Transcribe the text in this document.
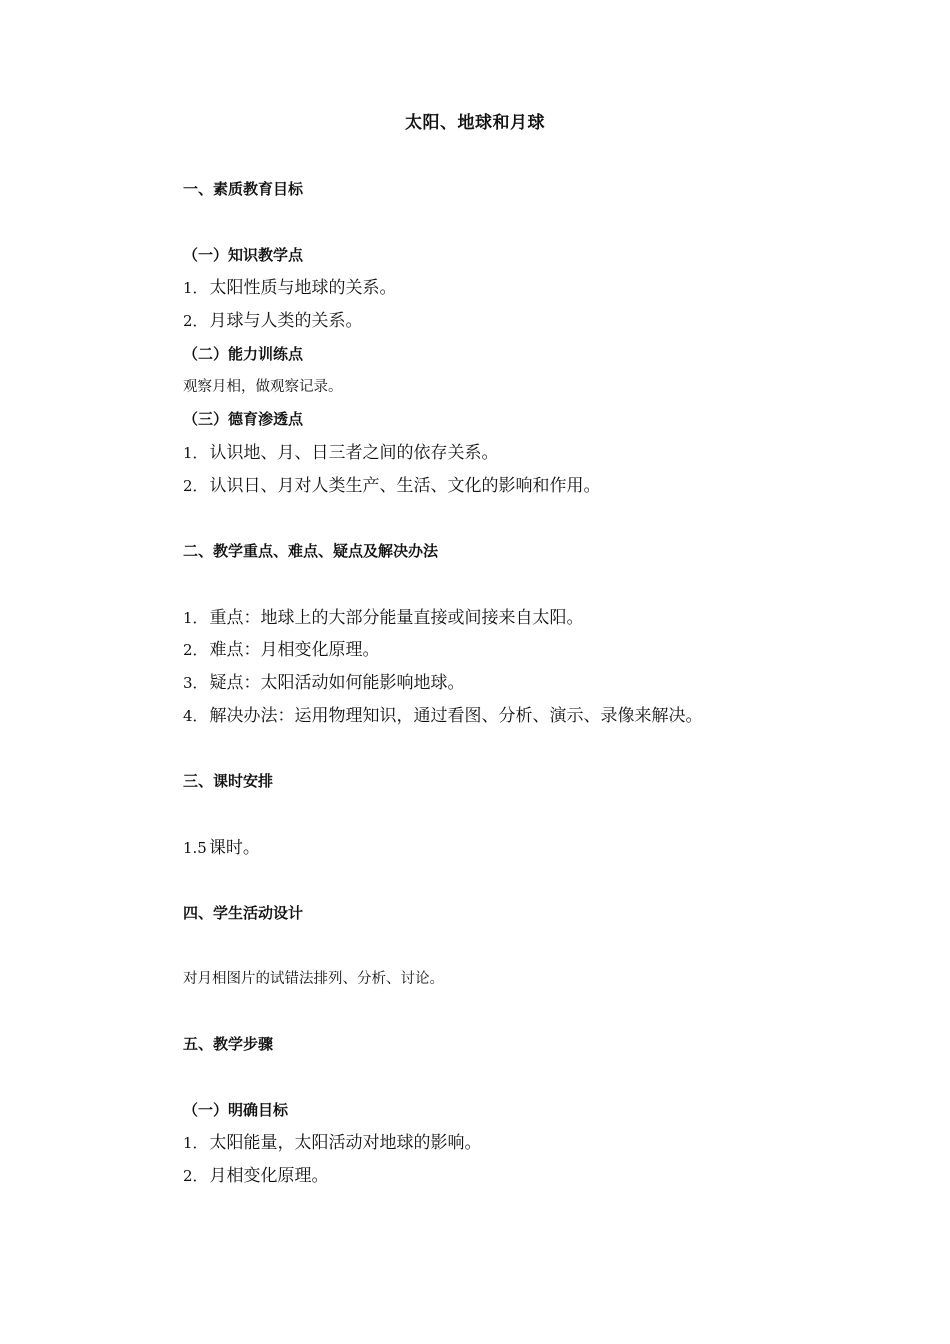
太阳、地球和月球
一、素质教育目标
（一）知识教学点
1． 太阳性质与地球的关系。
2． 月球与人类的关系。
（二）能力训练点
观察月相，做观察记录。
（三）德育渗透点
1． 认识地、月、日三者之间的依存关系。
2． 认识日、月对人类生产、生活、文化的影响和作用。
二、教学重点、难点、疑点及解决办法
1． 重点：地球上的大部分能量直接或间接来自太阳。
2． 难点：月相变化原理。
3． 疑点：太阳活动如何能影响地球。
4． 解决办法：运用物理知识，通过看图、分析、演示、录像来解决。
三、课时安排
1.5 课时。
四、学生活动设计
对月相图片的试错法排列、分析、讨论。
五、教学步骤
（一）明确目标
1． 太阳能量，太阳活动对地球的影响。
2． 月相变化原理。
